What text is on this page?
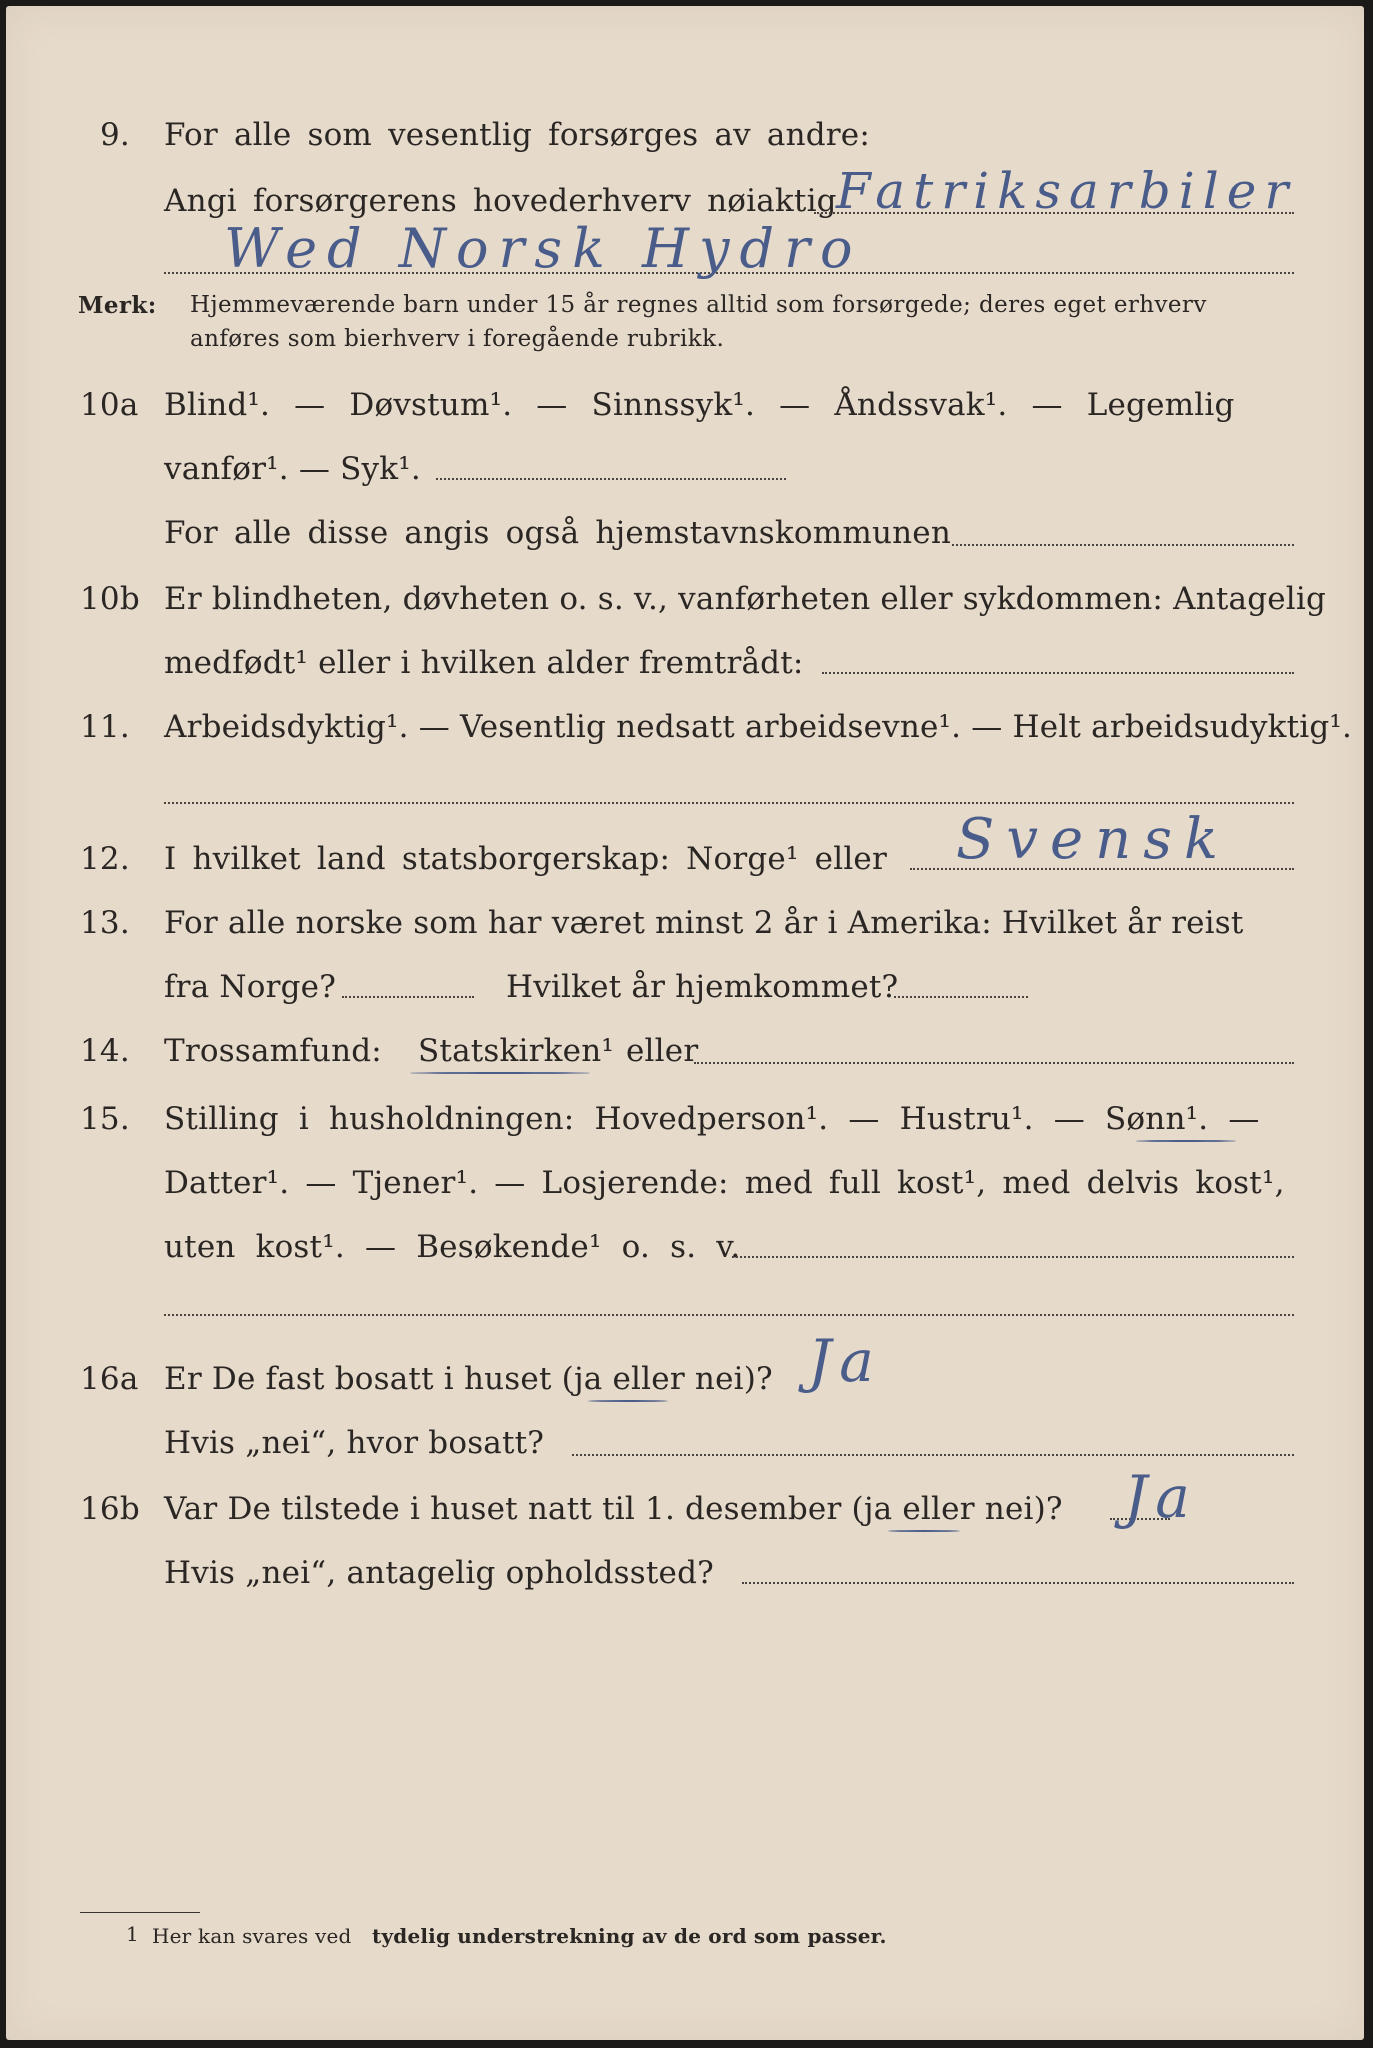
9. For alle som vesentlig forsørges av andre:
Angi forsørgerens hovederhverv nøiaktig Fatriksarbiler
Wed Norsk Hydro
Merk: Hjemmeværende barn under 15 år regnes alltid som forsørgede; deres eget erhverv
anføres som bierhverv i foregående rubrikk.
10a Blind¹. — Døvstum¹. — Sinnssyk¹. — Åndssvak¹. — Legemlig
vanfør¹. — Syk¹.
For alle disse angis også hjemstavnskommunen
10b Er blindheten, døvheten o. s. v., vanførheten eller sykdommen: Antagelig
medfødt¹ eller i hvilken alder fremtrådt:
11. Arbeidsdyktig¹. — Vesentlig nedsatt arbeidsevne¹. — Helt arbeidsudyktig¹.
12. I hvilket land statsborgerskap: Norge¹ eller Svensk
13. For alle norske som har været minst 2 år i Amerika: Hvilket år reist
fra Norge?	Hvilket år hjemkommet?
14. Trossamfund: Statskirken¹ eller
15. Stilling i husholdningen: Hovedperson¹. — Hustru¹. — Sønn¹. —
Datter¹. — Tjener¹. — Losjerende: med full kost¹, med delvis kost¹,
uten kost¹. — Besøkende¹ o. s. v.
16a Er De fast bosatt i huset (ja eller nei)? Ja
Hvis „nei“, hvor bosatt?
16b Var De tilstede i huset natt til 1. desember (ja eller nei)? Ja
Hvis „nei“, antagelig opholdssted?
1 Her kan svares ved tydelig understrekning av de ord som passer.
